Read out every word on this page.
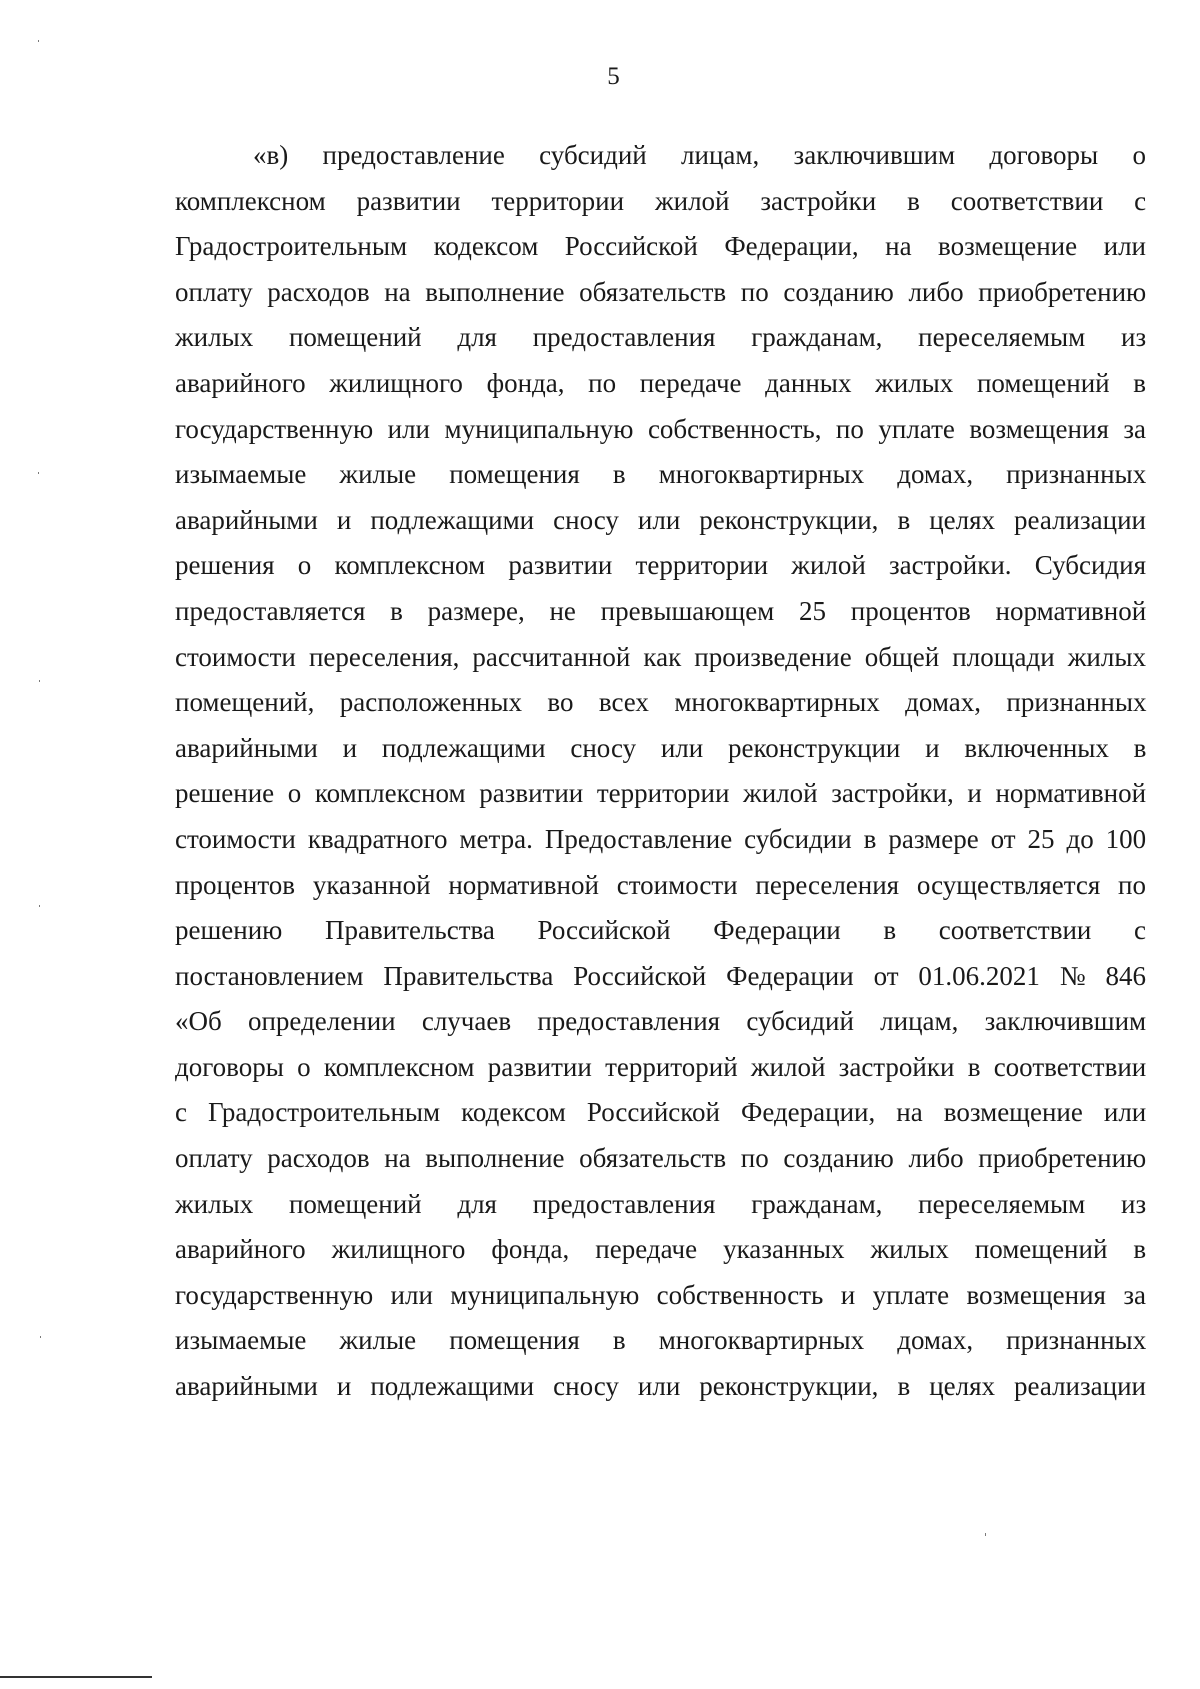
5
«в) предоставление субсидий лицам, заключившим договоры о
комплексном развитии территории жилой застройки в соответствии с
Градостроительным кодексом Российской Федерации, на возмещение или
оплату расходов на выполнение обязательств по созданию либо приобретению
жилых помещений для предоставления гражданам, переселяемым из
аварийного жилищного фонда, по передаче данных жилых помещений в
государственную или муниципальную собственность, по уплате возмещения за
изымаемые жилые помещения в многоквартирных домах, признанных
аварийными и подлежащими сносу или реконструкции, в целях реализации
решения о комплексном развитии территории жилой застройки. Субсидия
предоставляется в размере, не превышающем 25 процентов нормативной
стоимости переселения, рассчитанной как произведение общей площади жилых
помещений, расположенных во всех многоквартирных домах, признанных
аварийными и подлежащими сносу или реконструкции и включенных в
решение о комплексном развитии территории жилой застройки, и нормативной
стоимости квадратного метра. Предоставление субсидии в размере от 25 до 100
процентов указанной нормативной стоимости переселения осуществляется по
решению Правительства Российской Федерации в соответствии с
постановлением Правительства Российской Федерации от 01.06.2021 № 846
«Об определении случаев предоставления субсидий лицам, заключившим
договоры о комплексном развитии территорий жилой застройки в соответствии
с Градостроительным кодексом Российской Федерации, на возмещение или
оплату расходов на выполнение обязательств по созданию либо приобретению
жилых помещений для предоставления гражданам, переселяемым из
аварийного жилищного фонда, передаче указанных жилых помещений в
государственную или муниципальную собственность и уплате возмещения за
изымаемые жилые помещения в многоквартирных домах, признанных
аварийными и подлежащими сносу или реконструкции, в целях реализации
